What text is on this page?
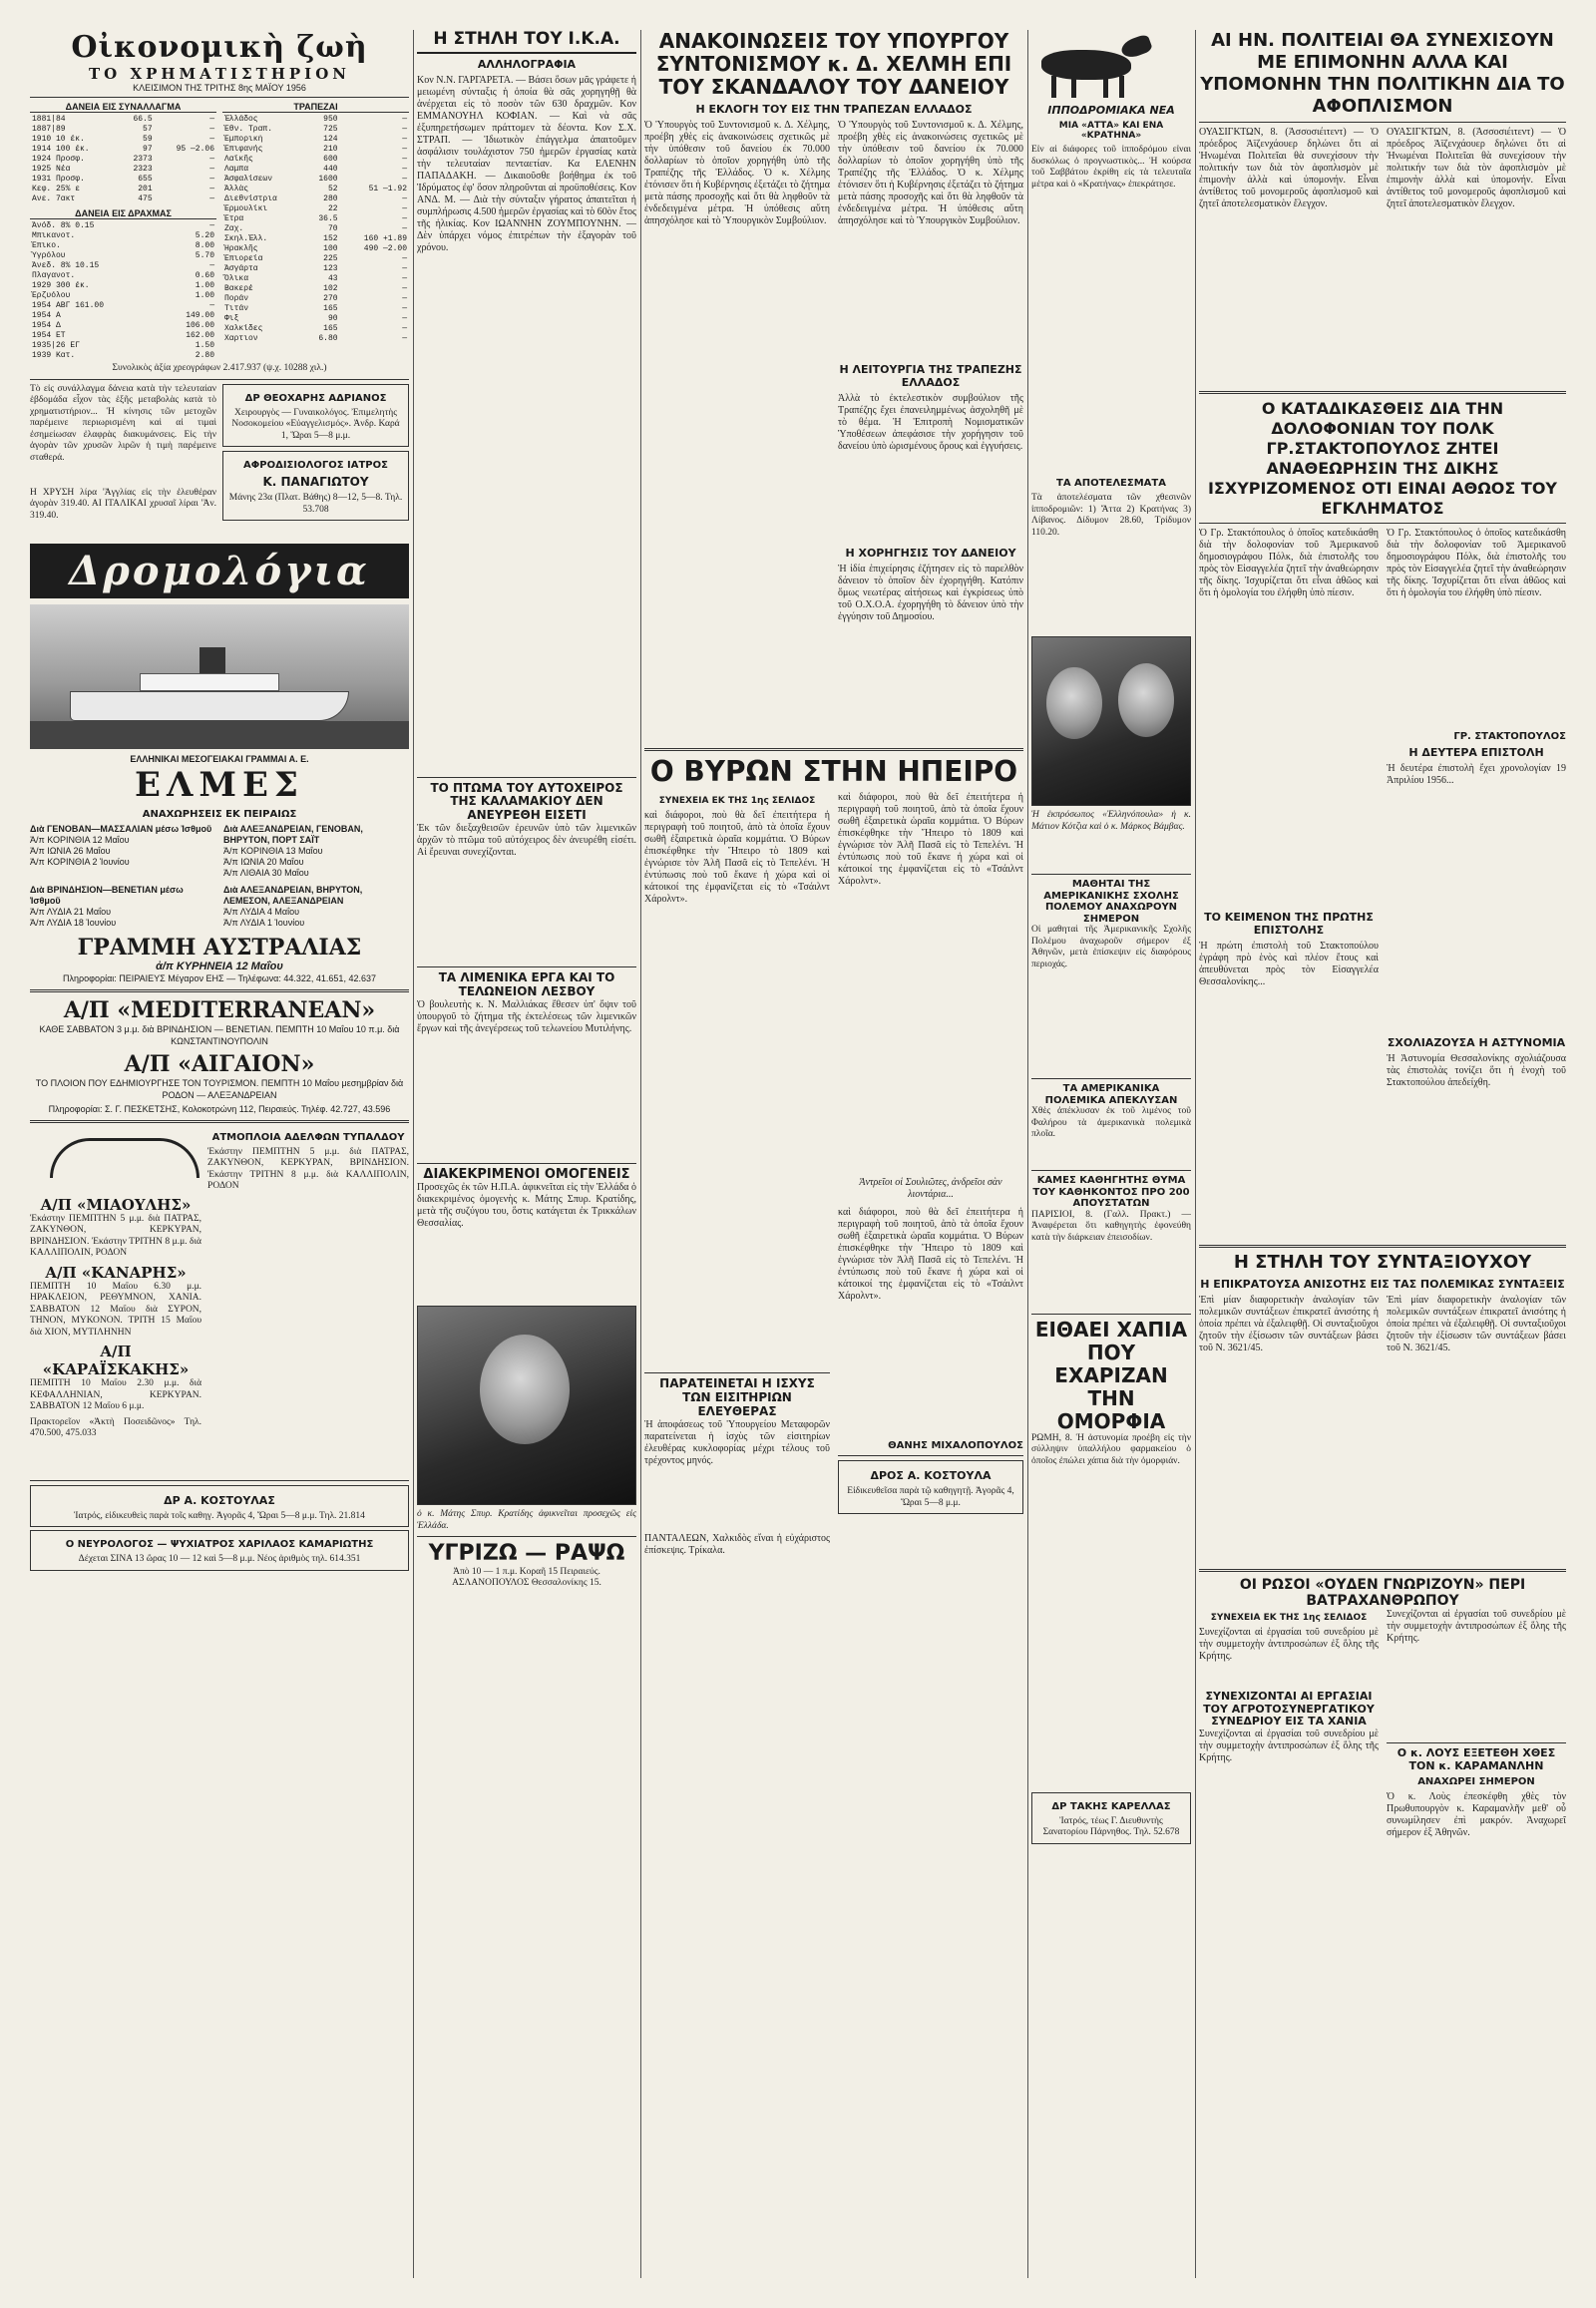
Οἰκονομικὴ ζωὴ
ΤΟ ΧΡΗΜΑΤΙΣΤΗΡΙΟΝ
ΚΛΕΙΣΙΜΟΝ ΤΗΣ ΤΡΙΤΗΣ 8ης ΜΑΪΟΥ 1956
ΔΑΝΕΙΑ ΕΙΣ ΣΥΝΑΛΛΑΓΜΑ
1881|84	66.5	—
1887|89	57	—
1910 10 έκ.	59	—
1914 100 έκ.	97	95 —2.06
1924 Προσφ.	2373	—
1925 Νέα	2323	—
1931 Προσφ.	655	—
Κεφ. 25% ε	201	—
Ανε. 7ακτ	475	—
ΔΑΝΕΙΑ ΕΙΣ ΔΡΑΧΜΑΣ
Ἀνόδ. 8% 0.15	—
Μπικανοτ.	5.20
Ἐπικο.	8.00
Ὑγρόλου	5.70
Ἀνεδ. 8% 10.15	—
Πλαγανοτ.	0.60
1929 300 έκ.	1.00
Ἐρζυόλου	1.00
1954 ΑΒΓ 161.00	—
1954 Α	149.00
1954 Δ	106.00
1954 ΕΤ	162.00
1935|26 ΕΓ	1.50
1939 Κατ.	2.80
ΤΡΑΠΕΖΑΙ
Ἑλλάδος	950	—
Ἐθν. Τραπ.	725	—
Ἐμπορικὴ	124	—
Ἐπιφανής	210	—
Λαϊκῆς	600	—
Λαμπα	440	—
Ἀσφαλίσεων	1600	—
Ἀλλὰς	52	51 —1.92
Διεθνίστρια	280	—
Ἐρμουλίκι	22	—
Ἐτρα	36.5	—
Ζαχ.	70	—
Σκηλ.Ἑλλ.	152	160 +1.89
Ἡρακλῆς	100	490 —2.00
Ἐπιορεία	225	—
Ἀσγάρτα	123	—
Ὄλικα	43	—
Βακερέ	102	—
Ποράν	270	—
Τιτάν	165	—
Φιξ	90	—
Χαλκίδες	165	—
Χαρτιον	6.80	—
Συνολικὸς ἀξία χρεογράφων 2.417.937 (ψ.χ. 10288 χιλ.)
Τὸ εἰς συνάλλαγμα δάνεια κατὰ τὴν τελευταίαν ἑβδομάδα εἶχον τὰς ἑξῆς μεταβολὰς κατὰ τὸ χρηματιστήριον... Ἡ κίνησις τῶν μετοχῶν παρέμεινε περιωρισμένη καὶ αἱ τιμαὶ ἐσημείωσαν ἐλαφρὰς διακυμάνσεις. Εἰς τὴν ἀγορὰν τῶν χρυσῶν λιρῶν ἡ τιμὴ παρέμεινε σταθερά.
Η ΧΡΥΣΗ λίρα 'Ἀγγλίας εἰς τὴν ἐλευθέραν ἀγορὰν 319.40. ΑΙ ΙΤΑΛΙΚΑΙ χρυσαῖ λίραι 'Ἀν. 319.40.
ΔΡ ΘΕΟΧΑΡΗΣ ΑΔΡΙΑΝΟΣ
Χειρουργὸς — Γυναικολόγος. Ἐπιμελητὴς Νοσοκομείου «Εὐαγγελισμός». Ἀνδρ. Καρά 1, Ὥραι 5—8 μ.μ.
ΑΦΡΟΔΙΣΙΟΛΟΓΟΣ ΙΑΤΡΟΣ
Κ. ΠΑΝΑΓΙΩΤΟΥ
Μάνης 23α (Πλατ. Βάθης) 8—12, 5—8. Τηλ. 53.708
Δρομολόγια
ΕΛΛΗΝΙΚΑΙ ΜΕΣΟΓΕΙΑΚΑΙ ΓΡΑΜΜΑΙ Α. Ε.
ΕΛΜΕΣ
ΑΝΑΧΩΡΗΣΕΙΣ ΕΚ ΠΕΙΡΑΙΩΣ
Διὰ ΓΕΝΟΒΑΝ—ΜΑΣΣΑΛΙΑΝ μέσω Ἰσθμοῦ
Ἀ/π ΚΟΡΙΝΘΙΑ 12 Μαΐου
Ἀ/π ΙΩΝΙΑ 26 Μαΐου
Ἀ/π ΚΟΡΙΝΘΙΑ 2 Ἰουνίου
Διὰ ΑΛΕΞΑΝΔΡΕΙΑΝ, ΓΕΝΟΒΑΝ, ΒΗΡΥΤΟΝ, ΠΟΡΤ ΣΑΪΤ
Ἀ/π ΚΟΡΙΝΘΙΑ 13 Μαΐου
Ἀ/π ΙΩΝΙΑ 20 Μαΐου
Ἀ/π ΛΙΘΑΙΑ 30 Μαΐου
Διὰ ΒΡΙΝΔΗΣΙΟΝ—ΒΕΝΕΤΙΑΝ μέσω Ἰσθμοῦ
Ἀ/π ΛΥΔΙΑ 21 Μαΐου
Ἀ/π ΛΥΔΙΑ 18 Ἰουνίου
Διὰ ΑΛΕΞΑΝΔΡΕΙΑΝ, ΒΗΡΥΤΟΝ, ΛΕΜΕΣΟΝ, ΑΛΕΞΑΝΔΡΕΙΑΝ
Ἀ/π ΛΥΔΙΑ 4 Μαΐου
Ἀ/π ΛΥΔΙΑ 1 Ἰουνίου
ΓΡΑΜΜΗ ΑΥΣΤΡΑΛΙΑΣ
ἀ/π ΚΥΡΗΝΕΙΑ 12 Μαΐου
Πληροφορίαι: ΠΕΙΡΑΙΕΥΣ Μέγαρον ΕΗΣ — Τηλέφωνα: 44.322, 41.651, 42.637
Α/Π «MEDITERRANEAN»
ΚΑΘΕ ΣΑΒΒΑΤΟΝ 3 μ.μ. διὰ ΒΡΙΝΔΗΣΙΟΝ — ΒΕΝΕΤΙΑΝ. ΠΕΜΠΤΗ 10 Μαΐου 10 π.μ. διὰ ΚΩΝΣΤΑΝΤΙΝΟΥΠΟΛΙΝ
Α/Π «ΑΙΓΑΙΟΝ»
ΤΟ ΠΛΟΙΟΝ ΠΟΥ ΕΔΗΜΙΟΥΡΓΗΣΕ ΤΟΝ ΤΟΥΡΙΣΜΟΝ. ΠΕΜΠΤΗ 10 Μαΐου μεσημβρίαν διὰ ΡΟΔΟΝ — ΑΛΕΞΑΝΔΡΕΙΑΝ
Πληροφορίαι: Σ. Γ. ΠΕΣΚΕΤΣΗΣ, Κολοκοτρώνη 112, Πειραιεύς. Τηλέφ. 42.727, 43.596
Α/Π «ΜΙΑΟΥΛΗΣ»
Ἐκάστην ΠΕΜΠΤΗΝ 5 μ.μ. διὰ ΠΑΤΡΑΣ, ΖΑΚΥΝΘΟΝ, ΚΕΡΚΥΡΑΝ, ΒΡΙΝΔΗΣΙΟΝ. Ἐκάστην ΤΡΙΤΗΝ 8 μ.μ. διὰ ΚΑΛΛΙΠΟΛΙΝ, ΡΟΔΟΝ
Α/Π «ΚΑΝΑΡΗΣ»
ΠΕΜΠΤΗ 10 Μαΐου 6.30 μ.μ. ΗΡΑΚΛΕΙΟΝ, ΡΕΘΥΜΝΟΝ, ΧΑΝΙΑ. ΣΑΒΒΑΤΟΝ 12 Μαΐου διὰ ΣΥΡΟΝ, ΤΗΝΟΝ, ΜΥΚΟΝΟΝ. ΤΡΙΤΗ 15 Μαΐου διὰ ΧΙΟΝ, ΜΥΤΙΛΗΝΗΝ
Α/Π «ΚΑΡΑΪΣΚΑΚΗΣ»
ΠΕΜΠΤΗ 10 Μαΐου 2.30 μ.μ. διὰ ΚΕΦΑΛΛΗΝΙΑΝ, ΚΕΡΚΥΡΑΝ. ΣΑΒΒΑΤΟΝ 12 Μαΐου 6 μ.μ.
Πρακτορεῖον «Ἀκτὴ Ποσειδῶνος» Τηλ. 470.500, 475.033
ΑΤΜΟΠΛΟΙΑ ΑΔΕΛΦΩΝ ΤΥΠΑΛΔΟΥ
Ἐκάστην ΠΕΜΠΤΗΝ 5 μ.μ. διὰ ΠΑΤΡΑΣ, ΖΑΚΥΝΘΟΝ, ΚΕΡΚΥΡΑΝ, ΒΡΙΝΔΗΣΙΟΝ. Ἐκάστην ΤΡΙΤΗΝ 8 μ.μ. διὰ ΚΑΛΛΙΠΟΛΙΝ, ΡΟΔΟΝ
ΔΡ Α. ΚΟΣΤΟΥΛΑΣ
Ἰατρός, εἰδικευθεὶς παρὰ τοῖς καθηγ. Ἀγορᾶς 4, Ὥραι 5—8 μ.μ. Τηλ. 21.814
Ο ΝΕΥΡΟΛΟΓΟΣ — ΨΥΧΙΑΤΡΟΣ ΧΑΡΙΛΑΟΣ ΚΑΜΑΡΙΩΤΗΣ
Δέχεται ΣΙΝΑ 13 ὥρας 10 — 12 καὶ 5—8 μ.μ. Νέος ἀριθμὸς τηλ. 614.351
Η ΣΤΗΛΗ ΤΟΥ Ι.Κ.Α.
ΑΛΛΗΛΟΓΡΑΦΙΑ
Κον Ν.Ν. ΓΑΡΓΑΡΕΤΑ. — Βάσει ὅσων μᾶς γράφετε ἡ μειωμένη σύνταξις ἡ ὁποία θὰ σᾶς χορηγηθῇ θὰ ἀνέρχεται εἰς τὸ ποσὸν τῶν 630 δραχμῶν. Κον ΕΜΜΑΝΟΥΗΛ ΚΟΦΙΑΝ. — Καὶ νὰ σᾶς ἐξυπηρετήσωμεν πράττομεν τὰ δέοντα. Κον Σ.Χ. ΣΤΡΑΠ. — Ἰδιωτικὸν ἐπάγγελμα ἀπαιτοῦμεν ἀσφάλισιν τουλάχιστον 750 ἡμερῶν ἐργασίας κατὰ τὴν τελευταίαν πενταετίαν. Κα ΕΛΕΝΗΝ ΠΑΠΑΔΑΚΗ. — Δικαιοῦσθε βοήθημα ἐκ τοῦ Ἱδρύματος ἐφ' ὅσον πληροῦνται αἱ προϋποθέσεις. Κον ΑΝΔ. Μ. — Διὰ τὴν σύνταξιν γήρατος ἀπαιτεῖται ἡ συμπλήρωσις 4.500 ἡμερῶν ἐργασίας καὶ τὸ 60ὸν ἔτος τῆς ἡλικίας. Κον ΙΩΑΝΝΗΝ ΖΟΥΜΠΟΥΝΗΝ. — Δὲν ὑπάρχει νόμος ἐπιτρέπων τὴν ἐξαγορὰν τοῦ χρόνου.
ΤΟ ΠΤΩΜΑ ΤΟΥ ΑΥΤΟΧΕΙΡΟΣ ΤΗΣ ΚΑΛΑΜΑΚΙΟΥ ΔΕΝ ΑΝΕΥΡΕΘΗ ΕΙΣΕΤΙ
Ἐκ τῶν διεξαχθεισῶν ἐρευνῶν ὑπὸ τῶν λιμενικῶν ἀρχῶν τὸ πτῶμα τοῦ αὐτόχειρος δὲν ἀνευρέθη εἰσέτι. Αἱ ἔρευναι συνεχίζονται.
ΤΑ ΛΙΜΕΝΙΚΑ ΕΡΓΑ ΚΑΙ ΤΟ ΤΕΛΩΝΕΙΟΝ ΛΕΣΒΟΥ
Ὁ βουλευτὴς κ. Ν. Μαλλιάκας ἔθεσεν ὑπ' ὄψιν τοῦ ὑπουργοῦ τὸ ζήτημα τῆς ἐκτελέσεως τῶν λιμενικῶν ἔργων καὶ τῆς ἀνεγέρσεως τοῦ τελωνείου Μυτιλήνης.
ΔΙΑΚΕΚΡΙΜΕΝΟΙ ΟΜΟΓΕΝΕΙΣ
Προσεχῶς ἐκ τῶν Η.Π.Α. ἀφικνεῖται εἰς τὴν Ἑλλάδα ὁ διακεκριμένος ὁμογενὴς κ. Μάτης Σπυρ. Κρατίδης, μετὰ τῆς συζύγου του, ὅστις κατάγεται ἐκ Τρικκάλων Θεσσαλίας.
ὁ κ. Μάτης Σπυρ. Κρατίδης ἀφικνεῖται προσεχῶς εἰς Ἑλλάδα.
ΥΓΡΙΖΩ — ΡΑΨΩ
Ἀπὸ 10 — 1 π.μ. Κοραῆ 15 Πειραιεύς. ΑΣΛΑΝΟΠΟΥΛΟΣ Θεσσαλονίκης 15.
ΑΝΑΚΟΙΝΩΣΕΙΣ ΤΟΥ ΥΠΟΥΡΓΟΥ ΣΥΝΤΟΝΙΣΜΟΥ κ. Δ. ΧΕΛΜΗ ΕΠΙ ΤΟΥ ΣΚΑΝΔΑΛΟΥ ΤΟΥ ΔΑΝΕΙΟΥ
Η ΕΚΛΟΓΗ ΤΟΥ ΕΙΣ ΤΗΝ ΤΡΑΠΕΖΑΝ ΕΛΛΑΔΟΣ
Ὁ Ὑπουργὸς τοῦ Συντονισμοῦ κ. Δ. Χέλμης, προέβη χθὲς εἰς ἀνακοινώσεις σχετικῶς μὲ τὴν ὑπόθεσιν τοῦ δανείου ἐκ 70.000 δολλαρίων τὸ ὁποῖον χορηγήθη ὑπὸ τῆς Τραπέζης τῆς Ἑλλάδος. Ὁ κ. Χέλμης ἐτόνισεν ὅτι ἡ Κυβέρνησις ἐξετάζει τὸ ζήτημα μετὰ πάσης προσοχῆς καὶ ὅτι θὰ ληφθοῦν τὰ ἐνδεδειγμένα μέτρα. Ἡ ὑπόθεσις αὕτη ἀπησχόλησε καὶ τὸ Ὑπουργικὸν Συμβούλιον.
Ὁ Ὑπουργὸς τοῦ Συντονισμοῦ κ. Δ. Χέλμης, προέβη χθὲς εἰς ἀνακοινώσεις σχετικῶς μὲ τὴν ὑπόθεσιν τοῦ δανείου ἐκ 70.000 δολλαρίων τὸ ὁποῖον χορηγήθη ὑπὸ τῆς Τραπέζης τῆς Ἑλλάδος. Ὁ κ. Χέλμης ἐτόνισεν ὅτι ἡ Κυβέρνησις ἐξετάζει τὸ ζήτημα μετὰ πάσης προσοχῆς καὶ ὅτι θὰ ληφθοῦν τὰ ἐνδεδειγμένα μέτρα. Ἡ ὑπόθεσις αὕτη ἀπησχόλησε καὶ τὸ Ὑπουργικὸν Συμβούλιον.
Η ΛΕΙΤΟΥΡΓΙΑ ΤΗΣ ΤΡΑΠΕΖΗΣ ΕΛΛΑΔΟΣ
Ἀλλὰ τὸ ἐκτελεστικὸν συμβούλιον τῆς Τραπέζης ἔχει ἐπανειλημμένως ἀσχοληθῆ μὲ τὸ θέμα. Ἡ Ἐπιτροπὴ Νομισματικῶν Ὑποθέσεων ἀπεφάσισε τὴν χορήγησιν τοῦ δανείου ὑπὸ ὡρισμένους ὅρους καὶ ἐγγυήσεις.
Η ΧΟΡΗΓΗΣΙΣ ΤΟΥ ΔΑΝΕΙΟΥ
Ἡ ἰδία ἐπιχείρησις ἐζήτησεν εἰς τὸ παρελθὸν δάνειον τὸ ὁποῖον δὲν ἐχορηγήθη. Κατόπιν ὅμως νεωτέρας αἰτήσεως καὶ ἐγκρίσεως ὑπὸ τοῦ Ο.Χ.Ο.Α. ἐχορηγήθη τὸ δάνειον ὑπὸ τὴν ἐγγύησιν τοῦ Δημοσίου.
Ο ΒΥΡΩΝ ΣΤΗΝ ΗΠΕΙΡΟ
ΣΥΝΕΧΕΙΑ ΕΚ ΤΗΣ 1ης ΣΕΛΙΔΟΣ
καὶ διάφοροι, ποὺ θὰ δεῖ ἐπειτήτερα ἡ περιγραφὴ τοῦ ποιητοῦ, ἀπὸ τὰ ὁποῖα ἔχουν σωθῆ ἐξαιρετικὰ ὡραῖα κομμάτια. Ὁ Βύρων ἐπισκέφθηκε τὴν Ἤπειρο τὸ 1809 καὶ ἐγνώρισε τὸν Ἀλῆ Πασᾶ εἰς τὸ Τεπελένι. Ἡ ἐντύπωσις ποὺ τοῦ ἔκανε ἡ χώρα καὶ οἱ κάτοικοί της ἐμφανίζεται εἰς τὸ «Τσάιλντ Χάρολντ».
ΠΑΡΑΤΕΙΝΕΤΑΙ Η ΙΣΧΥΣ ΤΩΝ ΕΙΣΙΤΗΡΙΩΝ ΕΛΕΥΘΕΡΑΣ
Ἡ ἀποφάσεως τοῦ Ὑπουργείου Μεταφορῶν παρατείνεται ἡ ἰσχὺς τῶν εἰσιτηρίων ἐλευθέρας κυκλοφορίας μέχρι τέλους τοῦ τρέχοντος μηνός.
ΠΑΝΤΑΛΕΩΝ, Χαλκιδὸς εἴναι ἡ εὐχάριστος ἐπίσκεψις. Τρίκαλα.
καὶ διάφοροι, ποὺ θὰ δεῖ ἐπειτήτερα ἡ περιγραφὴ τοῦ ποιητοῦ, ἀπὸ τὰ ὁποῖα ἔχουν σωθῆ ἐξαιρετικὰ ὡραῖα κομμάτια. Ὁ Βύρων ἐπισκέφθηκε τὴν Ἤπειρο τὸ 1809 καὶ ἐγνώρισε τὸν Ἀλῆ Πασᾶ εἰς τὸ Τεπελένι. Ἡ ἐντύπωσις ποὺ τοῦ ἔκανε ἡ χώρα καὶ οἱ κάτοικοί της ἐμφανίζεται εἰς τὸ «Τσάιλντ Χάρολντ».
Ἀντρεῖοι οἱ Σουλιῶτες, ἀνδρεῖοι σὰν λιοντάρια...
καὶ διάφοροι, ποὺ θὰ δεῖ ἐπειτήτερα ἡ περιγραφὴ τοῦ ποιητοῦ, ἀπὸ τὰ ὁποῖα ἔχουν σωθῆ ἐξαιρετικὰ ὡραῖα κομμάτια. Ὁ Βύρων ἐπισκέφθηκε τὴν Ἤπειρο τὸ 1809 καὶ ἐγνώρισε τὸν Ἀλῆ Πασᾶ εἰς τὸ Τεπελένι. Ἡ ἐντύπωσις ποὺ τοῦ ἔκανε ἡ χώρα καὶ οἱ κάτοικοί της ἐμφανίζεται εἰς τὸ «Τσάιλντ Χάρολντ».
ΘΑΝΗΣ ΜΙΧΑΛΟΠΟΥΛΟΣ
ΔΡΟΣ Α. ΚΟΣΤΟΥΛΑ
Εἰδικευθεῖσα παρὰ τῷ καθηγητῇ. Ἀγορᾶς 4, Ὥραι 5—8 μ.μ.
ΙΠΠΟΔΡΟΜΙΑΚΑ ΝΕΑ
ΜΙΑ «ΑΤΤΑ» ΚΑΙ ΕΝΑ «ΚΡΑΤΗΝΑ»
Εἶν αἰ διάφορες τοῦ ἱπποδρόμου εἶναι δυσκόλως ὁ προγνωστικὸς... Ἡ κούρσα τοῦ Σαββάτου ἐκρίθη εἰς τὰ τελευταῖα μέτρα καὶ ὁ «Κρατήνας» ἐπεκράτησε.
ΤΑ ΑΠΟΤΕΛΕΣΜΑΤΑ
Τὰ ἀποτελέσματα τῶν χθεσινῶν ἱπποδρομιῶν: 1) Ἄττα 2) Κρατήνας 3) Λίβανος. Δίδυμον 28.60, Τρίδυμον 110.20.
Ἡ ἐκπρόσωπος «Ἐλληνόπουλα» ἡ κ. Μάτιον Κότζια καὶ ὁ κ. Μάρκος Βάμβας.
ΜΑΘΗΤΑΙ ΤΗΣ ΑΜΕΡΙΚΑΝΙΚΗΣ ΣΧΟΛΗΣ ΠΟΛΕΜΟΥ ΑΝΑΧΩΡΟΥΝ ΣΗΜΕΡΟΝ
Οἱ μαθηταὶ τῆς Ἀμερικανικῆς Σχολῆς Πολέμου ἀναχωροῦν σήμερον ἐξ Ἀθηνῶν, μετὰ ἐπίσκεψιν εἰς διαφόρους περιοχάς.
ΤΑ ΑΜΕΡΙΚΑΝΙΚΑ ΠΟΛΕΜΙΚΑ ΑΠΕΚΛΥΣΑΝ
Χθὲς ἀπέκλυσαν ἐκ τοῦ λιμένος τοῦ Φαλήρου τὰ ἀμερικανικὰ πολεμικὰ πλοῖα.
ΚΑΜΕΣ ΚΑΘΗΓΗΤΗΣ ΘΥΜΑ ΤΟΥ ΚΑΘΗΚΟΝΤΟΣ ΠΡΟ 200 ΑΠΟΥΣΤΑΤΩΝ
ΠΑΡΙΣΙΟΙ, 8. (Γαλλ. Πρακτ.) — Ἀναφέρεται ὅτι καθηγητὴς ἐφονεύθη κατὰ τὴν διάρκειαν ἐπεισοδίων.
ΕΙΘΑΕΙ ΧΑΠΙΑ ΠΟΥ ΕΧΑΡΙΖΑΝ ΤΗΝ ΟΜΟΡΦΙΑ
ΡΩΜΗ, 8. Ἡ ἀστυνομία προέβη εἰς τὴν σύλληψιν ὑπαλλήλου φαρμακείου ὁ ὁποῖος ἐπώλει χάπια διὰ τὴν ὀμορφιάν.
ΔΡ ΤΑΚΗΣ ΚΑΡΕΛΛΑΣ
Ἰατρός, τέως Γ. Διευθυντὴς Σανατορίου Πάρνηθος. Τηλ. 52.678
ΑΙ ΗΝ. ΠΟΛΙΤΕΙΑΙ ΘΑ ΣΥΝΕΧΙΣΟΥΝ ΜΕ ΕΠΙΜΟΝΗΝ ΑΛΛΑ ΚΑΙ ΥΠΟΜΟΝΗΝ ΤΗΝ ΠΟΛΙΤΙΚΗΝ ΔΙΑ ΤΟ ΑΦΟΠΛΙΣΜΟΝ
ΟΥΑΣΙΓΚΤΩΝ, 8. (Ἀσσοσιέιτεντ) — Ὁ πρόεδρος Ἀϊζενχάουερ δηλώνει ὅτι αἱ Ἡνωμέναι Πολιτεῖαι θὰ συνεχίσουν τὴν πολιτικήν των διὰ τὸν ἀφοπλισμὸν μὲ ἐπιμονὴν ἀλλὰ καὶ ὑπομονήν. Εἶναι ἀντίθετος τοῦ μονομεροῦς ἀφοπλισμοῦ καὶ ζητεῖ ἀποτελεσματικὸν ἔλεγχον.
ΟΥΑΣΙΓΚΤΩΝ, 8. (Ἀσσοσιέιτεντ) — Ὁ πρόεδρος Ἀϊζενχάουερ δηλώνει ὅτι αἱ Ἡνωμέναι Πολιτεῖαι θὰ συνεχίσουν τὴν πολιτικήν των διὰ τὸν ἀφοπλισμὸν μὲ ἐπιμονὴν ἀλλὰ καὶ ὑπομονήν. Εἶναι ἀντίθετος τοῦ μονομεροῦς ἀφοπλισμοῦ καὶ ζητεῖ ἀποτελεσματικὸν ἔλεγχον.
Ο ΚΑΤΑΔΙΚΑΣΘΕΙΣ ΔΙΑ ΤΗΝ ΔΟΛΟΦΟΝΙΑΝ ΤΟΥ ΠΟΛΚ ΓΡ.ΣΤΑΚΤΟΠΟΥΛΟΣ ΖΗΤΕΙ ΑΝΑΘΕΩΡΗΣΙΝ ΤΗΣ ΔΙΚΗΣ ΙΣΧΥΡΙΖΟΜΕΝΟΣ ΟΤΙ ΕΙΝΑΙ ΑΘΩΟΣ ΤΟΥ ΕΓΚΛΗΜΑΤΟΣ
Ὁ Γρ. Στακτόπουλος ὁ ὁποῖος κατεδικάσθη διὰ τὴν δολοφονίαν τοῦ Ἀμερικανοῦ δημοσιογράφου Πόλκ, διὰ ἐπιστολῆς του πρὸς τὸν Εἰσαγγελέα ζητεῖ τὴν ἀναθεώρησιν τῆς δίκης. Ἰσχυρίζεται ὅτι εἶναι ἀθῶος καὶ ὅτι ἡ ὁμολογία του ἐλήφθη ὑπὸ πίεσιν.
ΤΟ ΚΕΙΜΕΝΟΝ ΤΗΣ ΠΡΩΤΗΣ ΕΠΙΣΤΟΛΗΣ
Ἡ πρώτη ἐπιστολὴ τοῦ Στακτοπούλου ἐγράφη πρὸ ἑνὸς καὶ πλέον ἔτους καὶ ἀπευθύνεται πρὸς τὸν Εἰσαγγελέα Θεσσαλονίκης...
Ὁ Γρ. Στακτόπουλος ὁ ὁποῖος κατεδικάσθη διὰ τὴν δολοφονίαν τοῦ Ἀμερικανοῦ δημοσιογράφου Πόλκ, διὰ ἐπιστολῆς του πρὸς τὸν Εἰσαγγελέα ζητεῖ τὴν ἀναθεώρησιν τῆς δίκης. Ἰσχυρίζεται ὅτι εἶναι ἀθῶος καὶ ὅτι ἡ ὁμολογία του ἐλήφθη ὑπὸ πίεσιν.
ΓΡ. ΣΤΑΚΤΟΠΟΥΛΟΣ
Η ΔΕΥΤΕΡΑ ΕΠΙΣΤΟΛΗ
Ἡ δευτέρα ἐπιστολὴ ἔχει χρονολογίαν 19 Ἀπριλίου 1956...
ΣΧΟΛΙΑΖΟΥΣΑ Η ΑΣΤΥΝΟΜΙΑ
Ἡ Ἀστυνομία Θεσσαλονίκης σχολιάζουσα τὰς ἐπιστολὰς τονίζει ὅτι ἡ ἐνοχὴ τοῦ Στακτοπούλου ἀπεδείχθη.
Η ΣΤΗΛΗ ΤΟΥ ΣΥΝΤΑΞΙΟΥΧΟΥ
Η ΕΠΙΚΡΑΤΟΥΣΑ ΑΝΙΣΟΤΗΣ ΕΙΣ ΤΑΣ ΠΟΛΕΜΙΚΑΣ ΣΥΝΤΑΞΕΙΣ
Ἐπὶ μίαν διαφορετικὴν ἀναλογίαν τῶν πολεμικῶν συντάξεων ἐπικρατεῖ ἀνισότης ἡ ὁποία πρέπει νὰ ἐξαλειφθῇ. Οἱ συνταξιοῦχοι ζητοῦν τὴν ἐξίσωσιν τῶν συντάξεων βάσει τοῦ Ν. 3621/45.
Ἐπὶ μίαν διαφορετικὴν ἀναλογίαν τῶν πολεμικῶν συντάξεων ἐπικρατεῖ ἀνισότης ἡ ὁποία πρέπει νὰ ἐξαλειφθῇ. Οἱ συνταξιοῦχοι ζητοῦν τὴν ἐξίσωσιν τῶν συντάξεων βάσει τοῦ Ν. 3621/45.
ΟΙ ΡΩΣΟΙ «ΟΥΔΕΝ ΓΝΩΡΙΖΟΥΝ» ΠΕΡΙ ΒΑΤΡΑΧΑΝΘΡΩΠΟΥ
ΣΥΝΕΧΕΙΑ ΕΚ ΤΗΣ 1ης ΣΕΛΙΔΟΣ
Συνεχίζονται αἱ ἐργασίαι τοῦ συνεδρίου μὲ τὴν συμμετοχὴν ἀντιπροσώπων ἐξ ὅλης τῆς Κρήτης.
ΣΥΝΕΧΙΖΟΝΤΑΙ ΑΙ ΕΡΓΑΣΙΑΙ ΤΟΥ ΑΓΡΟΤΟΣΥΝΕΡΓΑΤΙΚΟΥ ΣΥΝΕΔΡΙΟΥ ΕΙΣ ΤΑ ΧΑΝΙΑ
Συνεχίζονται αἱ ἐργασίαι τοῦ συνεδρίου μὲ τὴν συμμετοχὴν ἀντιπροσώπων ἐξ ὅλης τῆς Κρήτης.
Συνεχίζονται αἱ ἐργασίαι τοῦ συνεδρίου μὲ τὴν συμμετοχὴν ἀντιπροσώπων ἐξ ὅλης τῆς Κρήτης.
Ο κ. ΛΟΥΣ ΕΞΕΤΕΘΗ ΧΘΕΣ ΤΟΝ κ. ΚΑΡΑΜΑΝΛΗΝ
ΑΝΑΧΩΡΕΙ ΣΗΜΕΡΟΝ
Ὁ κ. Λοὺς ἐπεσκέφθη χθὲς τὸν Πρωθυπουργὸν κ. Καραμανλῆν μεθ' οὗ συνωμίλησεν ἐπὶ μακρόν. Ἀναχωρεῖ σήμερον ἐξ Ἀθηνῶν.
